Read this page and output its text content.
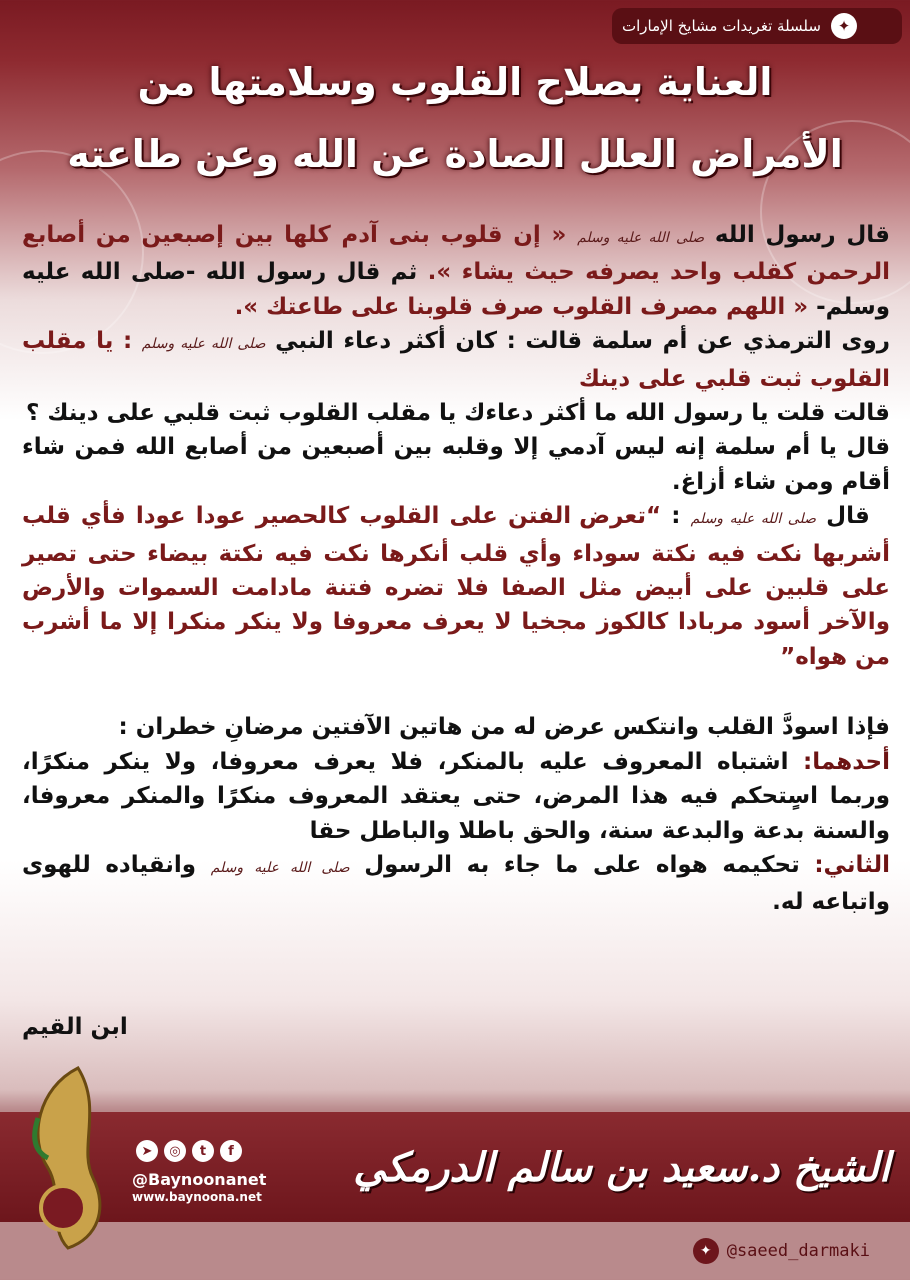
✦
سلسلة تغريدات مشايخ الإمارات
العناية بصلاح القلوب وسلامتها من
الأمراض العلل الصادة عن الله وعن طاعته

قال رسول الله صلى الله عليه وسلم « إن قلوب بنى آدم كلها بين إصبعين من أصابع الرحمن كقلب واحد يصرفه حيث يشاء ». ثم قال رسول الله -صلى الله عليه وسلم- « اللهم مصرف القلوب صرف قلوبنا على طاعتك ».

روى الترمذي عن أم سلمة قالت : كان أكثر دعاء النبي صلى الله عليه وسلم : يا مقلب القلوب ثبت قلبي على دينك

قالت قلت يا رسول الله ما أكثر دعاءك يا مقلب القلوب ثبت قلبي على دينك ؟

قال يا أم سلمة إنه ليس آدمي إلا وقلبه بين أصبعين من أصابع الله فمن شاء أقام ومن شاء أزاغ.

قال صلى الله عليه وسلم : “تعرض الفتن على القلوب كالحصير عودا عودا فأي قلب أشربها نكت فيه نكتة سوداء وأي قلب أنكرها نكت فيه نكتة بيضاء حتى تصير على قلبين على أبيض مثل الصفا فلا تضره فتنة مادامت السموات والأرض والآخر أسود مربادا كالكوز مجخيا لا يعرف معروفا ولا ينكر منكرا إلا ما أشرب من هواه”

فإذا اسودَّ القلب وانتكس عرض له من هاتين الآفتين مرضانِ خطران :

أحدهما: اشتباه المعروف عليه بالمنكر، فلا يعرف معروفا، ولا ينكر منكرًا، وربما اسٍتحكم فيه هذا المرض، حتى يعتقد المعروف منكرًا والمنكر معروفا، والسنة بدعة والبدعة سنة، والحق باطلا والباطل حقا

الثاني: تحكيمه هواه على ما جاء به الرسول صلى الله عليه وسلم وانقياده للهوى واتباعه له.

ابن القيم
➤	◎	t	f
@Baynoonanet
www.baynoona.net
الشيخ د.سعيد بن سالم الدرمكي
✦ @saeed_darmaki
